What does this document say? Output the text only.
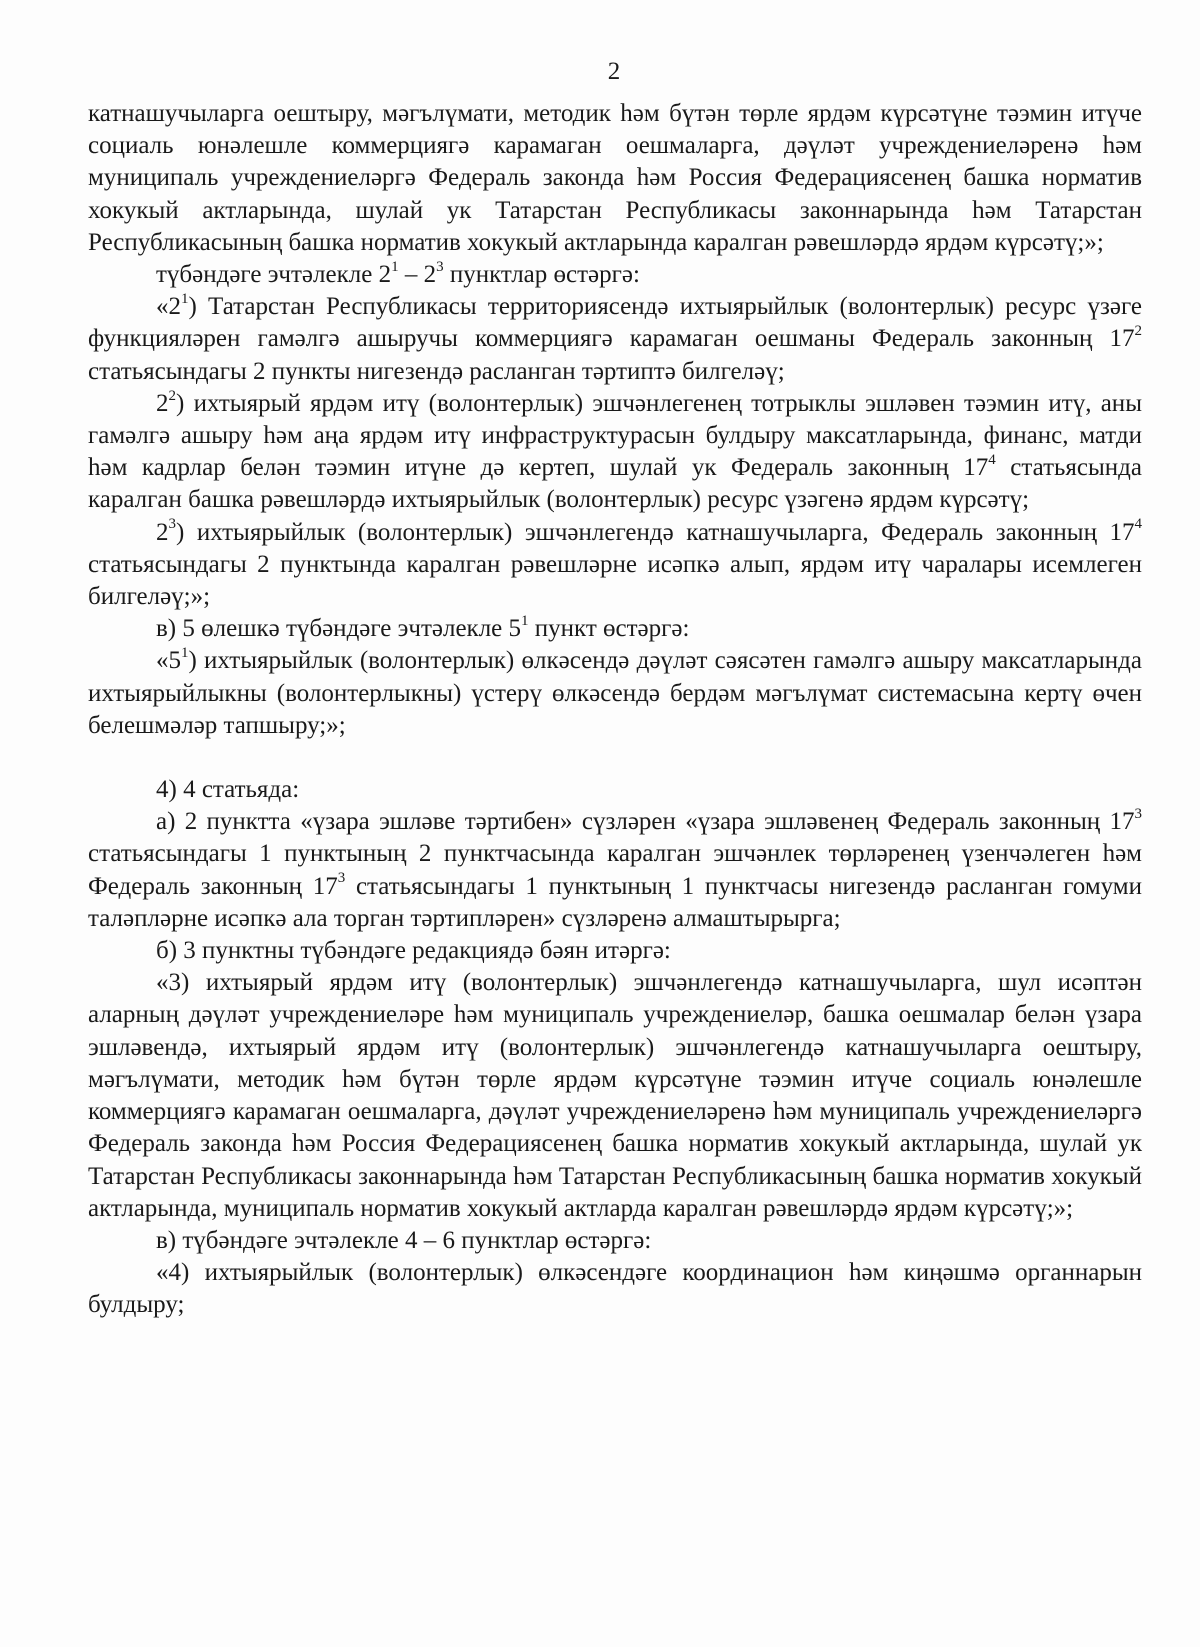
2

катнашучыларга оештыру, мәгълүмати, методик һәм бүтән төрле ярдәм күрсәтүне тәэмин итүче социаль юнәлешле коммерциягә карамаган оешмаларга, дәүләт учреждениеләренә һәм муниципаль учреждениеләргә Федераль законда һәм Россия Федерациясенең башка норматив хокукый актларында, шулай ук Татарстан Республикасы законнарында һәм Татарстан Республикасының башка норматив хокукый актларында каралган рәвешләрдә ярдәм күрсәтү;»;

түбәндәге эчтәлекле $2^1 - 2^3$ пунктлар өстәргә:

«$2^1$) Татарстан Республикасы территориясендә ихтыярыйлык (волонтерлык) ресурс үзәге функцияләрен гамәлгә ашыручы коммерциягә карамаган оешманы Федераль законның $17^2$ статьясындагы 2 пункты нигезендә расланган тәртиптә билгеләү;

$2^2$) ихтыярый ярдәм итү (волонтерлык) эшчәнлегенең тотрыклы эшләвен тәэмин итү, аны гамәлгә ашыру һәм аңа ярдәм итү инфраструктурасын булдыру максатларында, финанс, матди һәм кадрлар белән тәэмин итүне дә кертеп, шулай ук Федераль законның $17^4$ статьясында каралган башка рәвешләрдә ихтыярыйлык (волонтерлык) ресурс үзәгенә ярдәм күрсәтү;

$2^3$) ихтыярыйлык (волонтерлык) эшчәнлегендә катнашучыларга, Федераль законның $17^4$ статьясындагы 2 пунктында каралган рәвешләрне исәпкә алып, ярдәм итү чаралары исемлеген билгеләү;»;

в) 5 өлешкә түбәндәге эчтәлекле $5^1$ пункт өстәргә:

«$5^1$) ихтыярыйлык (волонтерлык) өлкәсендә дәүләт сәясәтен гамәлгә ашыру максатларында ихтыярыйлыкны (волонтерлыкны) үстерү өлкәсендә бердәм мәгълүмат системасына кертү өчен белешмәләр тапшыру;»;

4) 4 статьяда:

а) 2 пунктта «үзара эшләве тәртибен» сүзләрен «үзара эшләвенең Федераль законның $17^3$ статьясындагы 1 пунктының 2 пунктчасында каралган эшчәнлек төрләренең үзенчәлеген һәм Федераль законның $17^3$ статьясындагы 1 пунктының 1 пунктчасы нигезендә расланган гомуми таләпләрне исәпкә ала торган тәртипләрен» сүзләренә алмаштырырга;

б) 3 пунктны түбәндәге редакциядә бәян итәргә:

«3) ихтыярый ярдәм итү (волонтерлык) эшчәнлегендә катнашучыларга, шул исәптән аларның дәүләт учреждениеләре һәм муниципаль учреждениеләр, башка оешмалар белән үзара эшләвендә, ихтыярый ярдәм итү (волонтерлык) эшчәнлегендә катнашучыларга оештыру, мәгълүмати, методик һәм бүтән төрле ярдәм күрсәтүне тәэмин итүче социаль юнәлешле коммерциягә карамаган оешмаларга, дәүләт учреждениеләренә һәм муниципаль учреждениеләргә Федераль законда һәм Россия Федерациясенең башка норматив хокукый актларында, шулай ук Татарстан Республикасы законнарында һәм Татарстан Республикасының башка норматив хокукый актларында, муниципаль норматив хокукый актларда каралган рәвешләрдә ярдәм күрсәтү;»;

в) түбәндәге эчтәлекле 4 – 6 пунктлар өстәргә:

«4) ихтыярыйлык (волонтерлык) өлкәсендәге координацион һәм киңәшмә органнарын булдыру;
